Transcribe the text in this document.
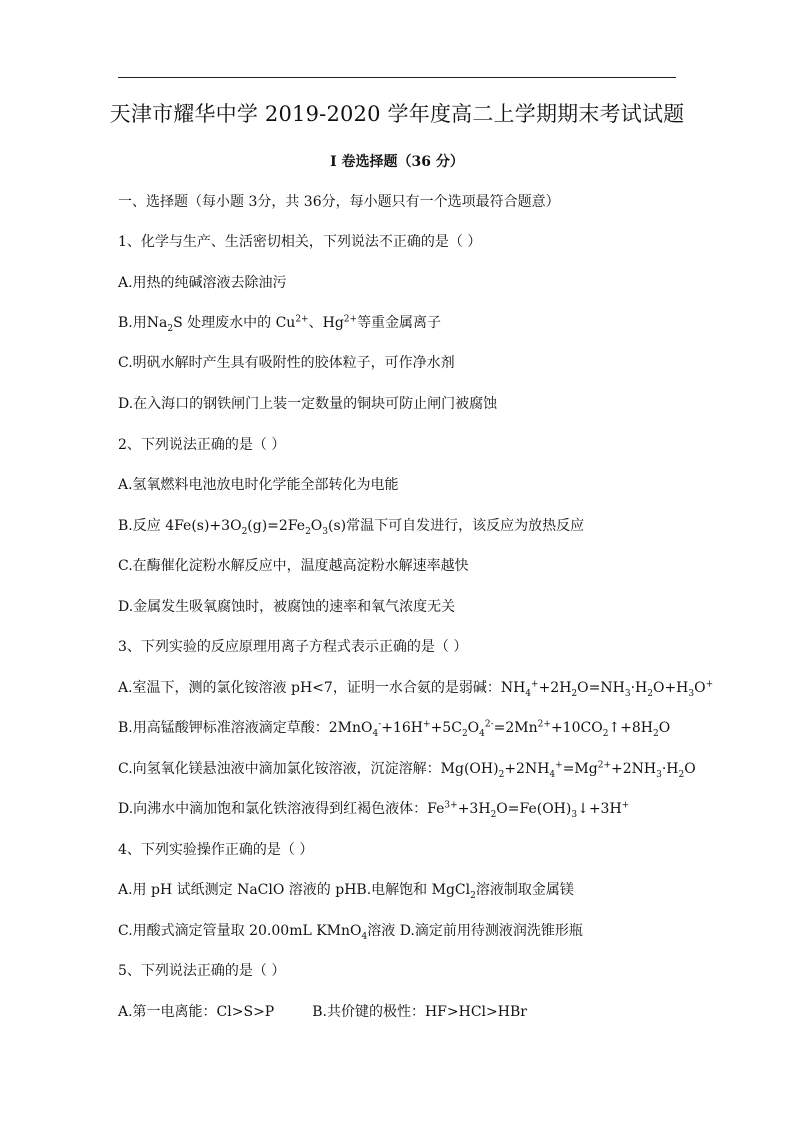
天津市耀华中学 2019-2020 学年度高二上学期期末考试试题
I 卷选择题（36 分）
一、选择题（每小题 3分，共 36分，每小题只有一个选项最符合题意）
1、化学与生产、生活密切相关，下列说法不正确的是（ ）
A.用热的纯碱溶液去除油污
B.用$Na_2S$ 处理废水中的 $Cu^{2+}$、$Hg^{2+}$等重金属离子
C.明矾水解时产生具有吸附性的胶体粒子，可作净水剂
D.在入海口的钢铁闸门上装一定数量的铜块可防止闸门被腐蚀
2、下列说法正确的是（ ）
A.氢氧燃料电池放电时化学能全部转化为电能
B.反应 $4Fe(s)+3O_2(g)=2Fe_2O_3(s)$常温下可自发进行，该反应为放热反应
C.在酶催化淀粉水解反应中，温度越高淀粉水解速率越快
D.金属发生吸氧腐蚀时，被腐蚀的速率和氧气浓度无关
3、下列实验的反应原理用离子方程式表示正确的是（ ）
A.室温下，测的氯化铵溶液 pH<7，证明一水合氨的是弱碱：$NH_4^++2H_2O=NH_3\cdot H_2O+H_3O^+$
B.用高锰酸钾标准溶液滴定草酸：$2MnO_4^-+16H^++5C_2O_4^{2-}=2Mn^{2+}+10CO_2↑+8H_2O$
C.向氢氧化镁悬浊液中滴加氯化铵溶液，沉淀溶解：$Mg(OH)_2+2NH_4^+=Mg^{2+}+2NH_3\cdot H_2O$
D.向沸水中滴加饱和氯化铁溶液得到红褐色液体：$Fe^{3+}+3H_2O=Fe(OH)_3↓+3H^+$
4、下列实验操作正确的是（ ）
A.用 pH 试纸测定 NaClO 溶液的 pHB.电解饱和 MgCl$_2$溶液制取金属镁
C.用酸式滴定管量取 20.00mL KMnO$_4$溶液 D.滴定前用待测液润洗锥形瓶
5、下列说法正确的是（ ）
A.第一电离能：Cl>S>P	B.共价键的极性：HF>HCl>HBr
